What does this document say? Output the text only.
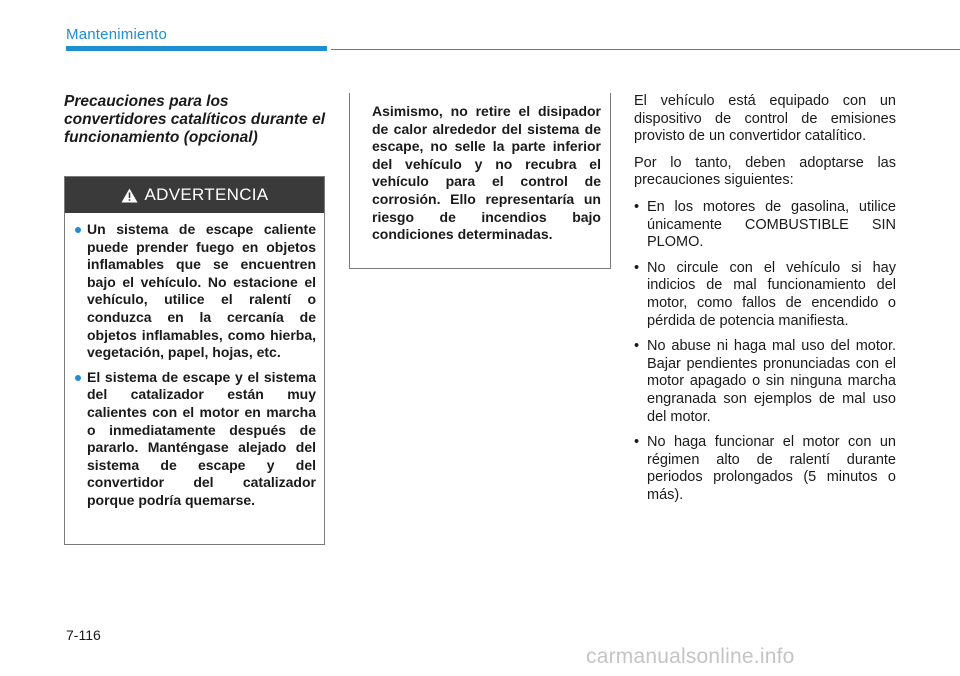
Mantenimiento
Precauciones para los convertidores catalíticos durante el funcionamiento (opcional)
ADVERTENCIA
Un sistema de escape caliente puede prender fuego en objetos inflamables que se encuentren bajo el vehículo. No estacione el vehículo, utilice el ralentí o conduzca en la cercanía de objetos inflamables, como hierba, vegetación, papel, hojas, etc.
El sistema de escape y el sistema del catalizador están muy calientes con el motor en marcha o inmediatamente después de pararlo. Manténgase alejado del sistema de escape y del convertidor del catalizador porque podría quemarse.

Asimismo, no retire el disipador de calor alrededor del sistema de escape, no selle la parte inferior del vehículo y no recubra el vehículo para el control de corrosión. Ello representaría un riesgo de incendios bajo condiciones determinadas.

El vehículo está equipado con un dispositivo de control de emisiones provisto de un convertidor catalítico.

Por lo tanto, deben adoptarse las precauciones siguientes:

• En los motores de gasolina, utilice únicamente COMBUSTIBLE SIN PLOMO.
• No circule con el vehículo si hay indicios de mal funcionamiento del motor, como fallos de encendido o pérdida de potencia manifiesta.
• No abuse ni haga mal uso del motor. Bajar pendientes pronunciadas con el motor apagado o sin ninguna marcha engranada son ejemplos de mal uso del motor.
• No haga funcionar el motor con un régimen alto de ralentí durante periodos prolongados (5 minutos o más).
7-116
carmanualsonline.info
